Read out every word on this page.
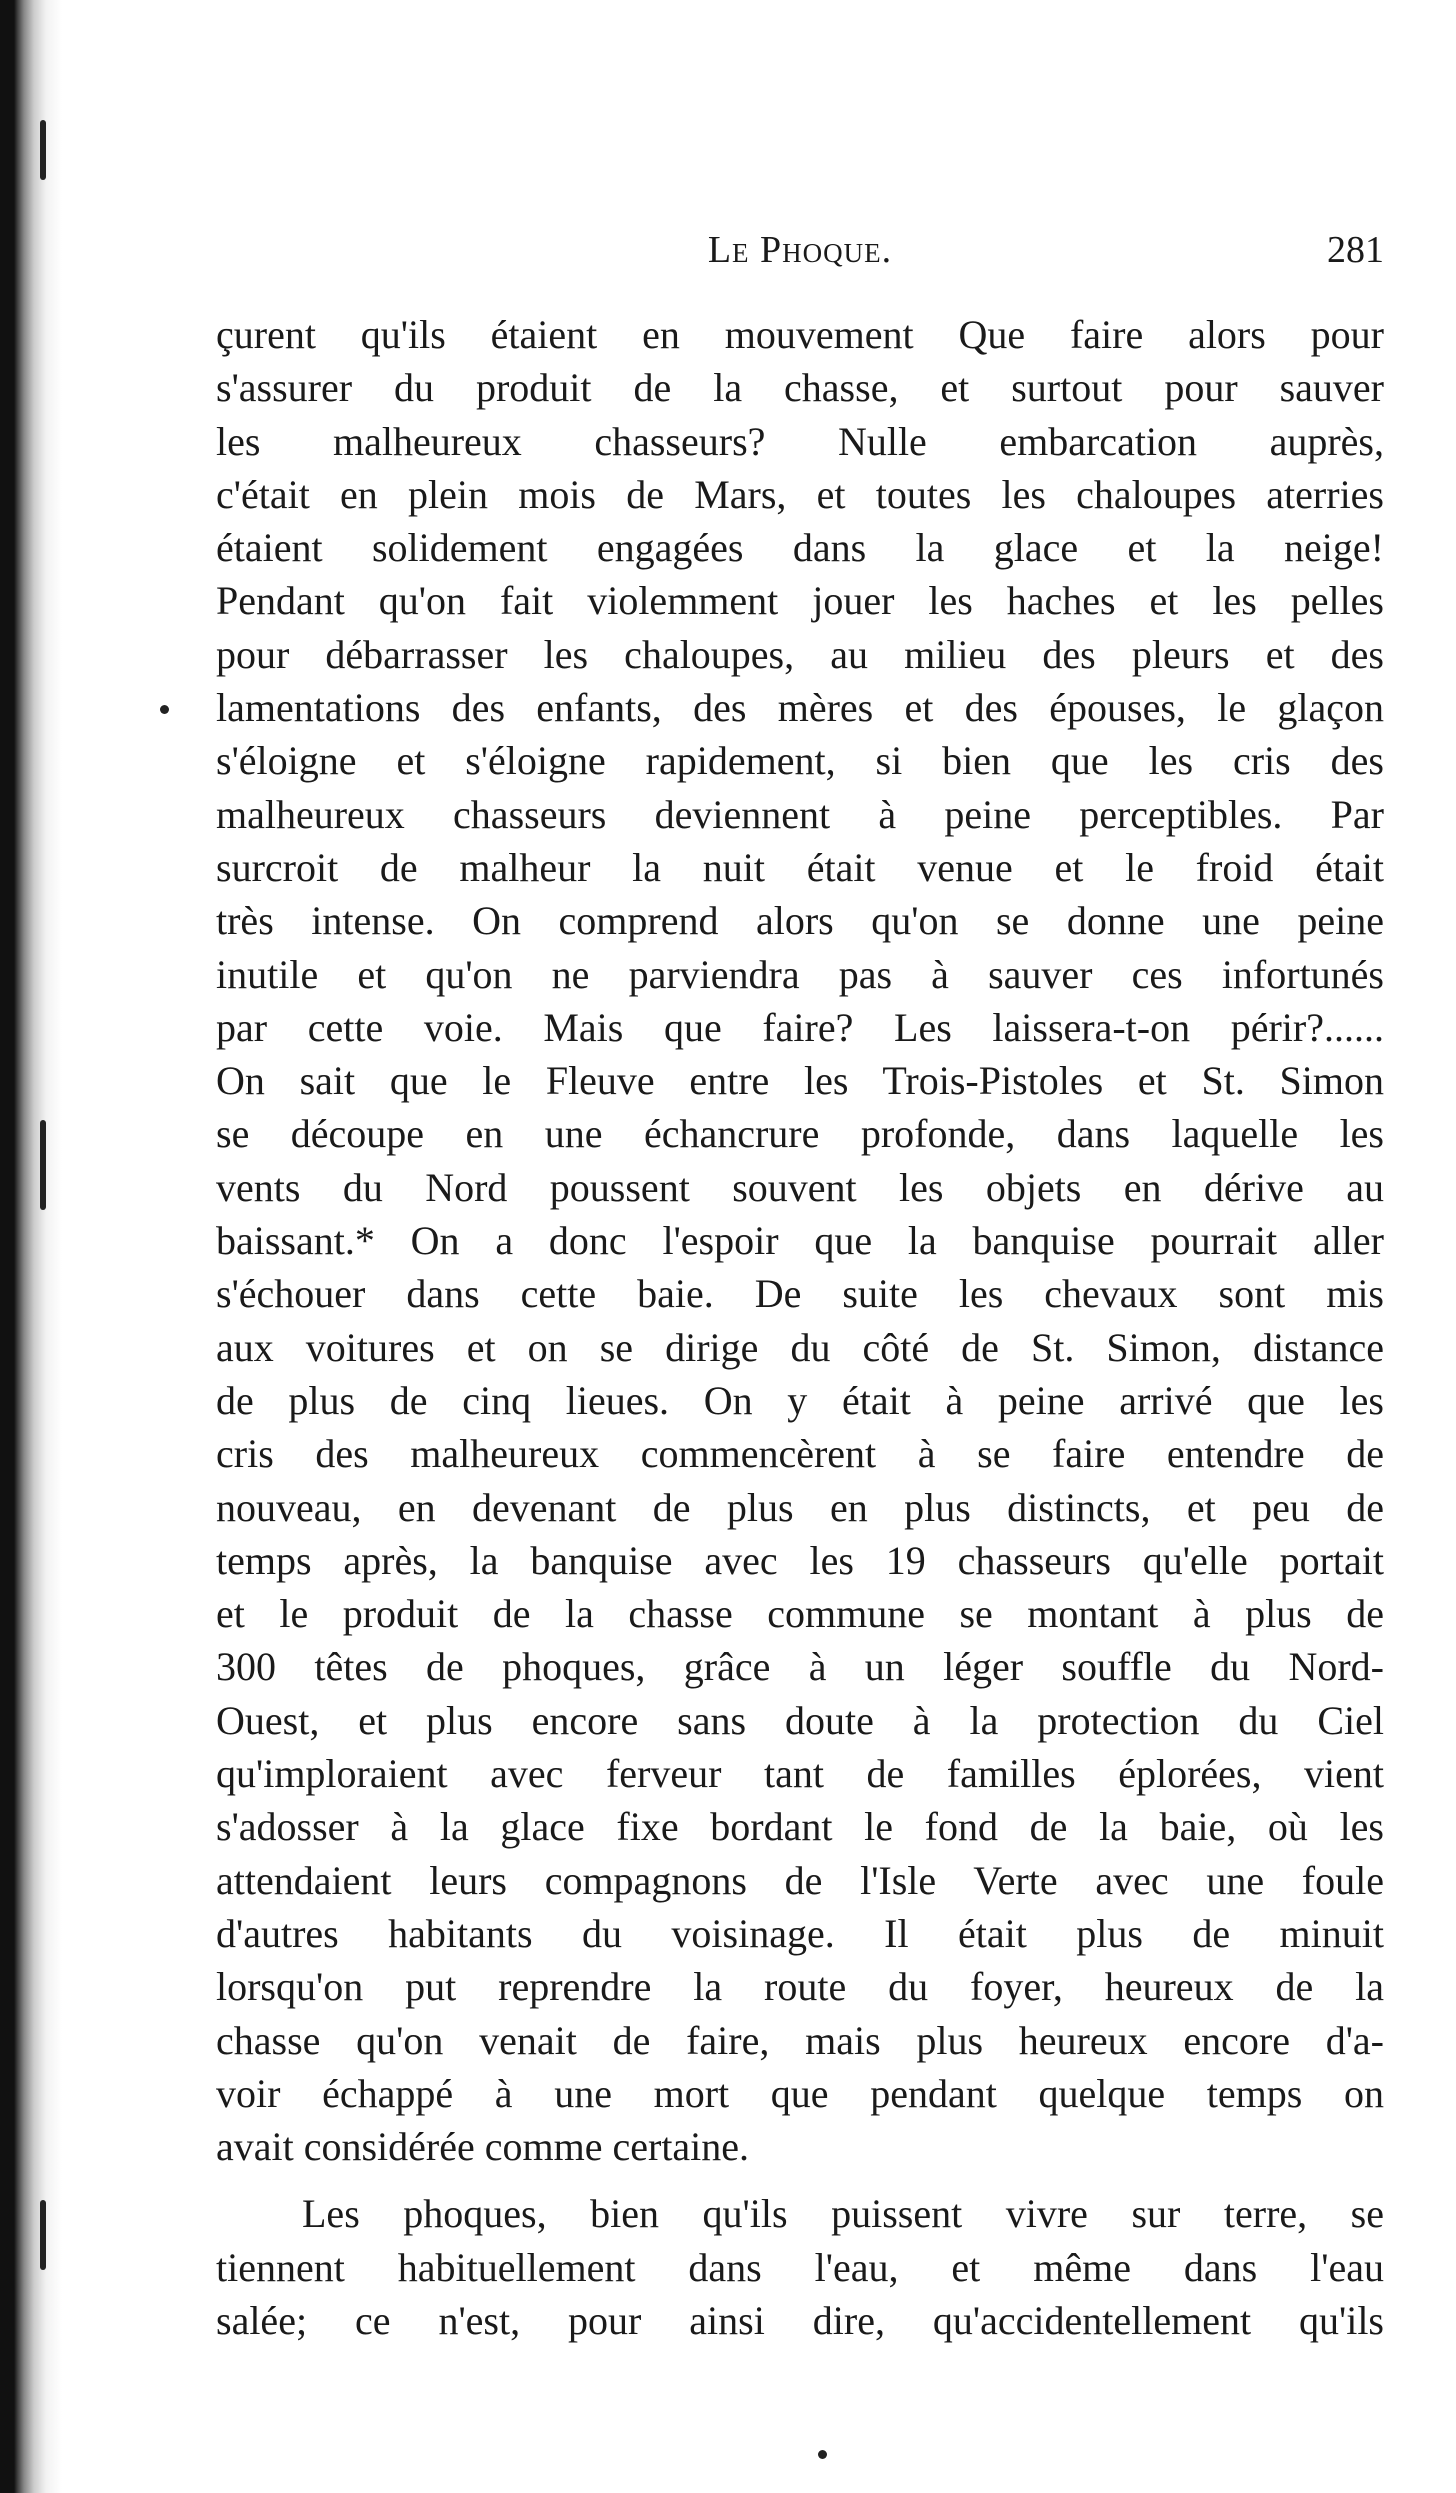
Le Phoque.	281
çurent qu'ils étaient en mouvement Que faire alors pour
s'assurer du produit de la chasse, et surtout pour sauver
les malheureux chasseurs? Nulle embarcation auprès,
c'était en plein mois de Mars, et toutes les chaloupes aterries
étaient solidement engagées dans la glace et la neige!
Pendant qu'on fait violemment jouer les haches et les pelles
pour débarrasser les chaloupes, au milieu des pleurs et des
lamentations des enfants, des mères et des épouses, le glaçon
s'éloigne et s'éloigne rapidement, si bien que les cris des
malheureux chasseurs deviennent à peine perceptibles. Par
surcroit de malheur la nuit était venue et le froid était
très intense. On comprend alors qu'on se donne une peine
inutile et qu'on ne parviendra pas à sauver ces infortunés
par cette voie. Mais que faire? Les laissera-t-on périr?......
On sait que le Fleuve entre les Trois-Pistoles et St. Simon
se découpe en une échancrure profonde, dans laquelle les
vents du Nord poussent souvent les objets en dérive au
baissant.* On a donc l'espoir que la banquise pourrait aller
s'échouer dans cette baie. De suite les chevaux sont mis
aux voitures et on se dirige du côté de St. Simon, distance
de plus de cinq lieues. On y était à peine arrivé que les
cris des malheureux commencèrent à se faire entendre de
nouveau, en devenant de plus en plus distincts, et peu de
temps après, la banquise avec les 19 chasseurs qu'elle portait
et le produit de la chasse commune se montant à plus de
300 têtes de phoques, grâce à un léger souffle du Nord-
Ouest, et plus encore sans doute à la protection du Ciel
qu'imploraient avec ferveur tant de familles éplorées, vient
s'adosser à la glace fixe bordant le fond de la baie, où les
attendaient leurs compagnons de l'Isle Verte avec une foule
d'autres habitants du voisinage. Il était plus de minuit
lorsqu'on put reprendre la route du foyer, heureux de la
chasse qu'on venait de faire, mais plus heureux encore d'a-
voir échappé à une mort que pendant quelque temps on
avait considérée comme certaine.
Les phoques, bien qu'ils puissent vivre sur terre, se
tiennent habituellement dans l'eau, et même dans l'eau
salée; ce n'est, pour ainsi dire, qu'accidentellement qu'ils
